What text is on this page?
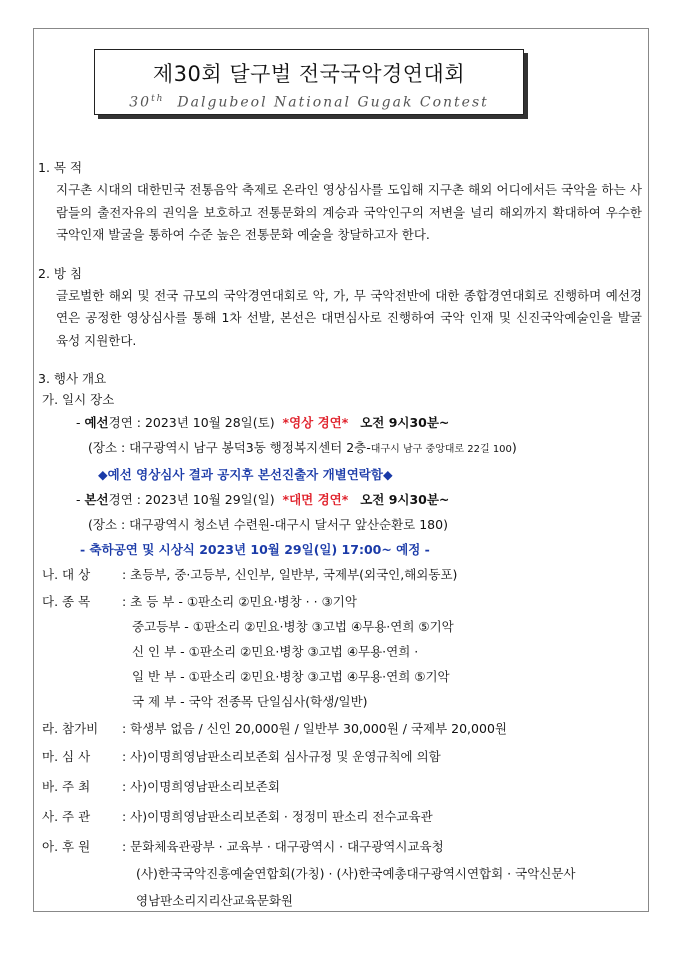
제30회 달구벌 전국국악경연대회
30th Dalgubeol National Gugak Contest
1. 목 적
지구촌 시대의 대한민국 전통음악 축제로 온라인 영상심사를 도입해 지구촌 해외 어디에서든 국악을 하는 사람들의 출전자유의 권익을 보호하고 전통문화의 계승과 국악인구의 저변을 널리 해외까지 확대하여 우수한 국악인재 발굴을 통하여 수준 높은 전통문화 예술을 창달하고자 한다.
2. 방 침
글로벌한 해외 및 전국 규모의 국악경연대회로 악, 가, 무 국악전반에 대한 종합경연대회로 진행하며 예선경연은 공정한 영상심사를 통해 1차 선발, 본선은 대면심사로 진행하여 국악 인재 및 신진국악예술인을 발굴 육성 지원한다.
3. 행사 개요
가. 일시 장소
- 예선경연 : 2023년 10월 28일(토) *영상 경연* 오전 9시30분~
(장소 : 대구광역시 남구 봉덕3동 행정복지센터 2층-대구시 남구 중앙대로 22길 100)
◆예선 영상심사 결과 공지후 본선진출자 개별연락함◆
- 본선경연 : 2023년 10월 29일(일) *대면 경연* 오전 9시30분~
(장소 : 대구광역시 청소년 수련원-대구시 달서구 앞산순환로 180)
- 축하공연 및 시상식 2023년 10월 29일(일) 17:00~ 예정 -
나. 대 상	: 초등부, 중·고등부, 신인부, 일반부, 국제부(외국인,해외동포)
다. 종 목	: 초 등 부 - ①판소리 ②민요·병창 · · ③기악
중고등부 - ①판소리 ②민요·병창 ③고법 ④무용·연희 ⑤기악
신 인 부 - ①판소리 ②민요·병창 ③고법 ④무용·연희 ·
일 반 부 - ①판소리 ②민요·병창 ③고법 ④무용·연희 ⑤기악
국 제 부 - 국악 전종목 단일심사(학생/일반)
라. 참가비 : 학생부 없음 / 신인 20,000원 / 일반부 30,000원 / 국제부 20,000원
마. 심 사	: 사)이명희영남판소리보존회 심사규정 및 운영규칙에 의함
바. 주 최	: 사)이명희영남판소리보존회
사. 주 관	: 사)이명희영남판소리보존회 · 정정미 판소리 전수교육관
아. 후 원	: 문화체육관광부 · 교육부 · 대구광역시 · 대구광역시교육청
(사)한국국악진흥예술연합회(가칭) · (사)한국예총대구광역시연합회 · 국악신문사
영남판소리지리산교육문화원
